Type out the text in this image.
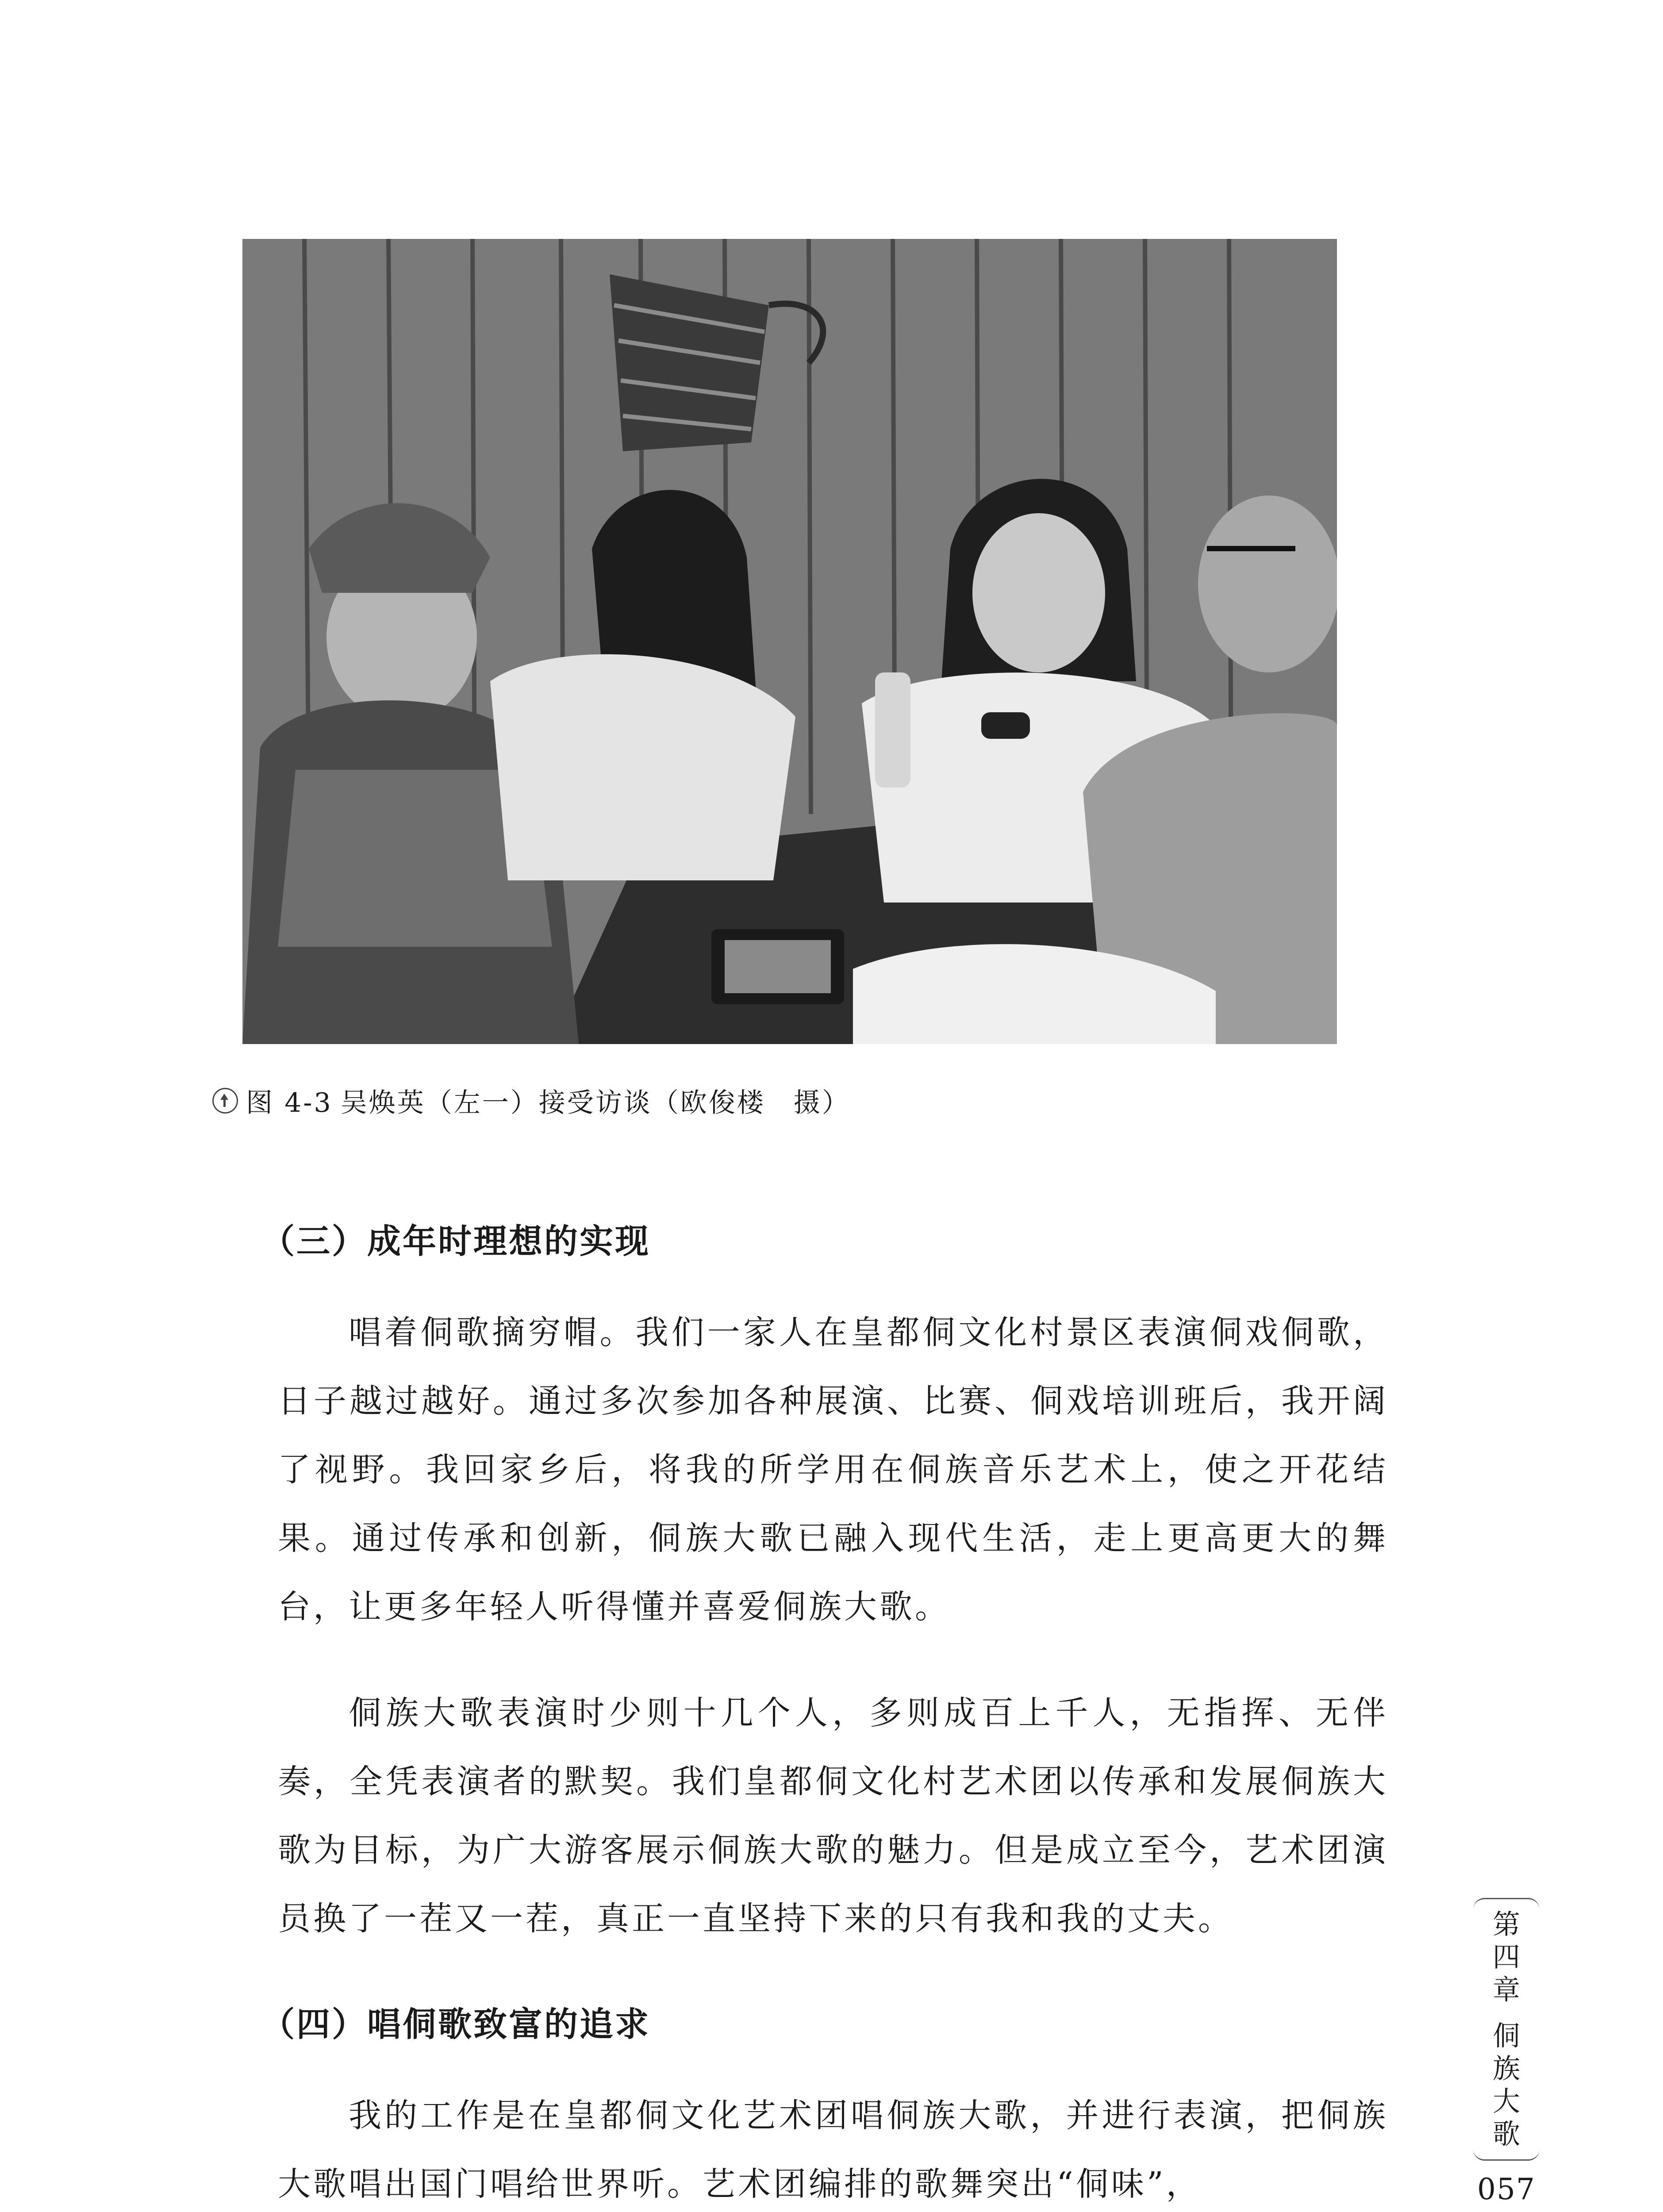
图 4-3 吴焕英（左一）接受访谈（欧俊楼　摄）
（三）成年时理想的实现

唱着侗歌摘穷帽。我们一家人在皇都侗文化村景区表演侗戏侗歌，日子越过越好。通过多次参加各种展演、比赛、侗戏培训班后，我开阔了视野。我回家乡后，将我的所学用在侗族音乐艺术上，使之开花结果。通过传承和创新，侗族大歌已融入现代生活，走上更高更大的舞台，让更多年轻人听得懂并喜爱侗族大歌。

侗族大歌表演时少则十几个人，多则成百上千人，无指挥、无伴奏，全凭表演者的默契。我们皇都侗文化村艺术团以传承和发展侗族大歌为目标，为广大游客展示侗族大歌的魅力。但是成立至今，艺术团演员换了一茬又一茬，真正一直坚持下来的只有我和我的丈夫。

（四）唱侗歌致富的追求

我的工作是在皇都侗文化艺术团唱侗族大歌，并进行表演，把侗族大歌唱出国门唱给世界听。艺术团编排的歌舞突出“侗味”，

第
四
章
侗
族
大
歌
057
